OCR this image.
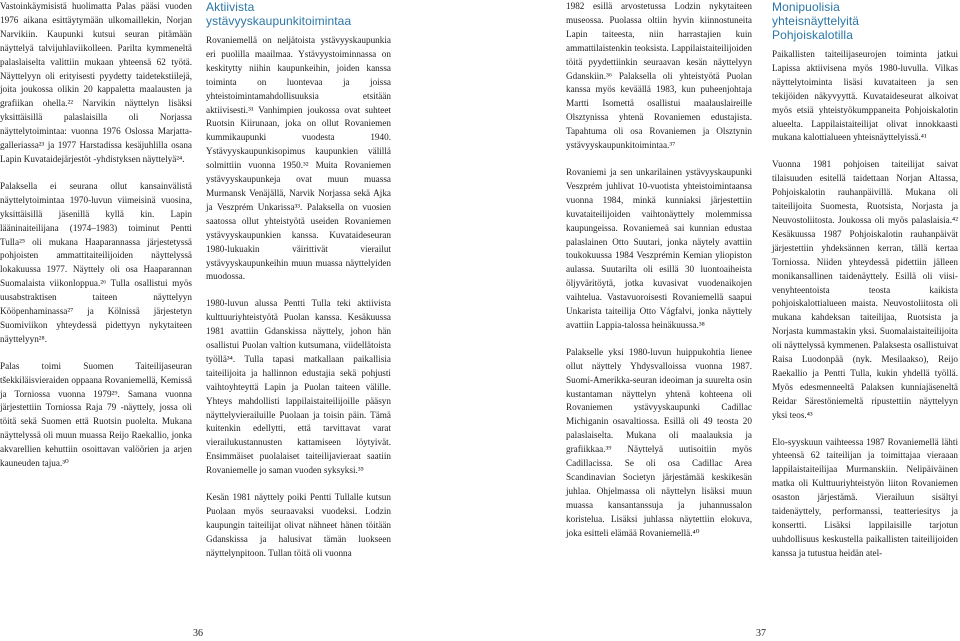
Vastoinkäymisistä huolimatta Palas pääsi vuoden 1976 aikana esittäytymään ulkomaillekin, Norjan Narvikiin. Kaupunki kutsui seuran pitämään näyttelyä talvijuhlaviikolleen. Parilta kymmeneltä palaslaiselta valittiin mukaan yhteensä 62 työtä. Näyttelyyn oli erityisesti pyydetty taidetekstiilejä, joita joukossa olikin 20 kappaletta maalausten ja grafiikan ohella.²² Narvikin näyttelyn lisäksi yksittäisillä palaslaisilla oli Norjassa näyttelytoimintaa: vuonna 1976 Oslossa Marjatta-galleriassa²³ ja 1977 Harstadissa kesäjuhlilla osana Lapin Kuvataidejärjestöt -yhdistyksen näyttelyä²⁴.

Palaksella ei seurana ollut kansainvälistä näyttelytoimintaa 1970-luvun viimeisinä vuosina, yksittäisillä jäsenillä kyllä kin. Lapin lääninaiteilijana (1974–1983) toiminut Pentti Tulla²⁵ oli mukana Haaparannassa järjestetyssä pohjoisten ammattitaiteilijoiden näyttelyssä lokakuussa 1977. Näyttely oli osa Haaparannan Suomalaista viikonloppua.²⁶ Tulla osallistui myös uusabstraktisen taiteen näyttelyyn Kööpenhaminassa²⁷ ja Kölnissä järjestetyn Suomiviikon yhteydessä pidettyyn nykytaiteen näyttelyyn²⁸.

Palas toimi Suomen Taiteilijaseuran tšekkiläisvieraiden oppaana Rovaniemellä, Kemissä ja Torniossa vuonna 1979²⁹. Samana vuonna järjestettiin Torniossa Raja 79 -näyttely, jossa oli töitä sekä Suomen että Ruotsin puolelta. Mukana näyttelyssä oli muun muassa Reijo Raekallio, jonka akvarellien kehuttiin osoittavan valöörien ja arjen kauneuden tajua.³⁰

Aktiivista
ystävyyskaupunkitoimintaa

Rovaniemellä on neljätoista ystävyyskaupunkia eri puolilla maailmaa. Ystävyystoiminnassa on keskitytty niihin kaupunkeihin, joiden kanssa toiminta on luontevaa ja joissa yhteistoimintamahdollisuuksia etsitään aktiivisesti.³¹ Vanhimpien joukossa ovat suhteet Ruotsin Kiirunaan, joka on ollut Rovaniemen kummikaupunki vuodesta 1940. Ystävyyskaupunkisopimus kaupunkien välillä solmittiin vuonna 1950.³² Muita Rovaniemen ystävyyskaupunkeja ovat muun muassa Murmansk Venäjällä, Narvik Norjassa sekä Ajka ja Veszprém Unkarissa³³. Palaksella on vuosien saatossa ollut yhteistyötä useiden Rovaniemen ystävyyskaupunkien kanssa. Kuvataideseuran 1980-lukuakin väirittivät vierailut ystävyyskaupunkeihin muun muassa näyttelyiden muodossa.

1980-luvun alussa Pentti Tulla teki aktiivista kulttuuriyhteistyötä Puolan kanssa. Kesäkuussa 1981 avattiin Gdanskissa näyttely, johon hän osallistui Puolan valtion kutsumana, viidellätoista työllä³⁴. Tulla tapasi matkallaan paikallisia taiteilijoita ja hallinnon edustajia sekä pohjusti vaihtoyhteyttä Lapin ja Puolan taiteen välille. Yhteys mahdollisti lappilaistaiteilijoille pääsyn näyttelyvierailuille Puolaan ja toisin päin. Tämä kuitenkin edellytti, että tarvittavat varat vierailukustannusten kattamiseen löytyivät. Ensimmäiset puolalaiset taiteilijavieraat saatiin Rovaniemelle jo saman vuoden syksyksi.³⁵

Kesän 1981 näyttely poiki Pentti Tullalle kutsun Puolaan myös seuraavaksi vuodeksi. Lodzin kaupungin taiteilijat olivat nähneet hänen töitään Gdanskissa ja halusivat tämän luokseen näyttelynpitoon. Tullan töitä oli vuonna

1982 esillä arvostetussa Lodzin nykytaiteen museossa. Puolassa oltiin hyvin kiinnostuneita Lapin taiteesta, niin harrastajien kuin ammattilaistenkin teoksista. Lappilaistaiteilijoiden töitä pyydettiinkin seuraavan kesän näyttelyyn Gdanskiin.³⁶ Palaksella oli yhteistyötä Puolan kanssa myös keväällä 1983, kun puheenjohtaja Martti Isomettä osallistui maalauslaireille Olsztynissa yhtenä Rovaniemen edustajista. Tapahtuma oli osa Rovaniemen ja Olsztynin ystävyyskaupunkitoimintaa.³⁷

Rovaniemi ja sen unkarilainen ystävyyskaupunki Veszprém juhlivat 10-vuotista yhteistoimintaansa vuonna 1984, minkä kunniaksi järjestettiin kuvataiteilijoiden vaihtonäyttely molemmissa kaupungeissa. Rovaniemeä sai kunnian edustaa palaslainen Otto Suutari, jonka näytely avattiin toukokuussa 1984 Veszprémin Kemian yliopiston aulassa. Suutarilta oli esillä 30 luontoaiheista öljyväritöytä, jotka kuvasivat vuodenaikojen vaihtelua. Vastavuoroisesti Rovaniemellä saapui Unkarista taiteilija Otto Vágfalvi, jonka näyttely avattiin Lappia-talossa heinäkuussa.³⁸

Palakselle yksi 1980-luvun huippukohtia lienee ollut näyttely Yhdysvalloissa vuonna 1987. Suomi-Amerikka-seuran ideoiman ja suurelta osin kustantaman näyttelyn yhtenä kohteena oli Rovaniemen ystävyyskaupunki Cadillac Michiganin osavaltiossa. Esillä oli 49 teosta 20 palaslaiselta. Mukana oli maalauksia ja grafiikkaa.³⁹ Näyttelyä uutisoitiin myös Cadillacissa. Se oli osa Cadillac Area Scandinavian Societyn järjestämää keskikesän juhlaa. Ohjelmassa oli näyttelyn lisäksi muun muassa kansantanssuja ja juhannussalon koristelua. Lisäksi juhlassa näytettiin elokuva, joka esitteli elämää Rovaniemellä.⁴⁰

Monipuolisia
yhteisnäyttelyitä
Pohjoiskalotilla

Paikallisten taiteilijaseurojen toiminta jatkui Lapissa aktiivisena myös 1980-luvulla. Vilkas näyttelytoiminta lisäsi kuvataiteen ja sen tekijöiden näkyvyyttä. Kuvataideseurat alkoivat myös etsiä yhteistyökumppaneita Pohjoiskalotin alueelta. Lappilaistaiteilijat olivat innokkaasti mukana kalottialueen yhteisnäyttelyissä.⁴¹

Vuonna 1981 pohjoisen taiteilijat saivat tilaisuuden esitellä taidettaan Norjan Altassa, Pohjoiskalotin rauhanpäivillä. Mukana oli taiteilijoita Suomesta, Ruotsista, Norjasta ja Neuvostoliitosta. Joukossa oli myös palaslaisia.⁴² Kesäkuussa 1987 Pohjoiskalotin rauhanpäivät järjestettiin yhdeksännen kerran, tällä kertaa Torniossa. Niiden yhteydessä pidettiin jälleen monikansallinen taidenäyttely. Esillä oli viisi-venyhteentoista teosta kaikista pohjoiskalottialueen maista. Neuvostoliitosta oli mukana kahdeksan taiteilijaa, Ruotsista ja Norjasta kummastakin yksi. Suomalaistaiteilijoita oli näyttelyssä kymmenen. Palaksesta osallistuivat Raisa Luodonpää (nyk. Mesilaakso), Reijo Raekallio ja Pentti Tulla, kukin yhdellä työllä. Myös edesmenneeltä Palaksen kunniajäseneltä Reidar Särestöniemeltä ripustettiin näyttelyyn yksi teos.⁴³

Elo-syyskuun vaihteessa 1987 Rovaniemellä lähti yhteensä 62 taiteilijan ja toimittajaa vieraaan lappilaistaiteilijaa Murmanskiin. Nelipäiväinen matka oli Kulttuuriyhteistyön liiton Rovaniemen osaston järjestämä. Vierailuun sisältyi taidenäyttely, performanssi, teatteriesitys ja konsertti. Lisäksi lappilaisille tarjotun uuhdollisuus keskustella paikallisten taiteilijoiden kanssa ja tutustua heidän atel-

36	37
